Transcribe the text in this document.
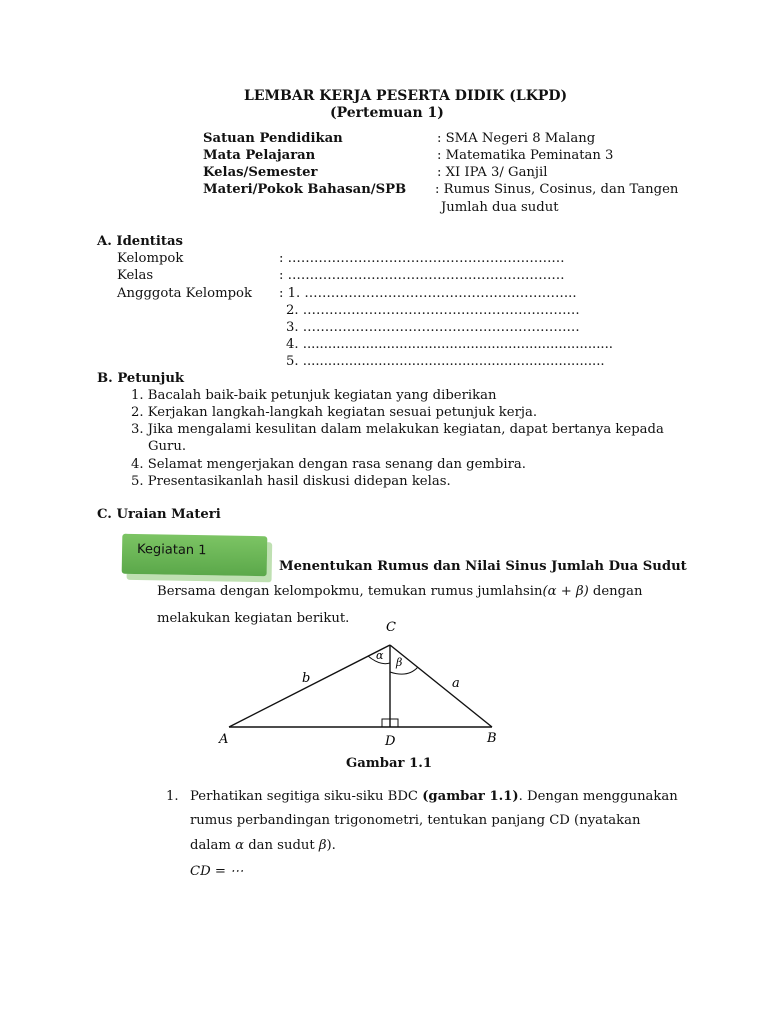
LEMBAR KERJA PESERTA DIDIK (LKPD)
(Pertemuan 1)
Satuan Pendidikan	: SMA Negeri 8 Malang
Mata Pelajaran	: Matematika Peminatan 3
Kelas/Semester	: XI IPA 3/ Ganjil
Materi/Pokok Bahasan/SPB : Rumus Sinus, Cosinus, dan Tangen
Jumlah dua sudut
A. Identitas
Kelompok	: ………………………………………………………
Kelas	: ………………………………………………………
Angggota Kelompok : 1. ……………………………………………………..
2. ………………………………………………………
3. ………………………………………………………
4. ..........................................................................
5. ........................................................................
B. Petunjuk
1. Bacalah baik-baik petunjuk kegiatan yang diberikan
2. Kerjakan langkah-langkah kegiatan sesuai petunjuk kerja.
3. Jika mengalami kesulitan dalam melakukan kegiatan, dapat bertanya kepada
Guru.
4. Selamat mengerjakan dengan rasa senang dan gembira.
5. Presentasikanlah hasil diskusi didepan kelas.
C. Uraian Materi
Kegiatan 1
Menentukan Rumus dan Nilai Sinus Jumlah Dua Sudut
Bersama dengan kelompokmu, temukan rumus jumlahsin(α + β) dengan
melakukan kegiatan berikut.
C
A	B
D
b	a
α
β
Gambar 1.1
1. Perhatikan segitiga siku-siku BDC (gambar 1.1). Dengan menggunakan
rumus perbandingan trigonometri, tentukan panjang CD (nyatakan
dalam α dan sudut β).
CD = ⋯
